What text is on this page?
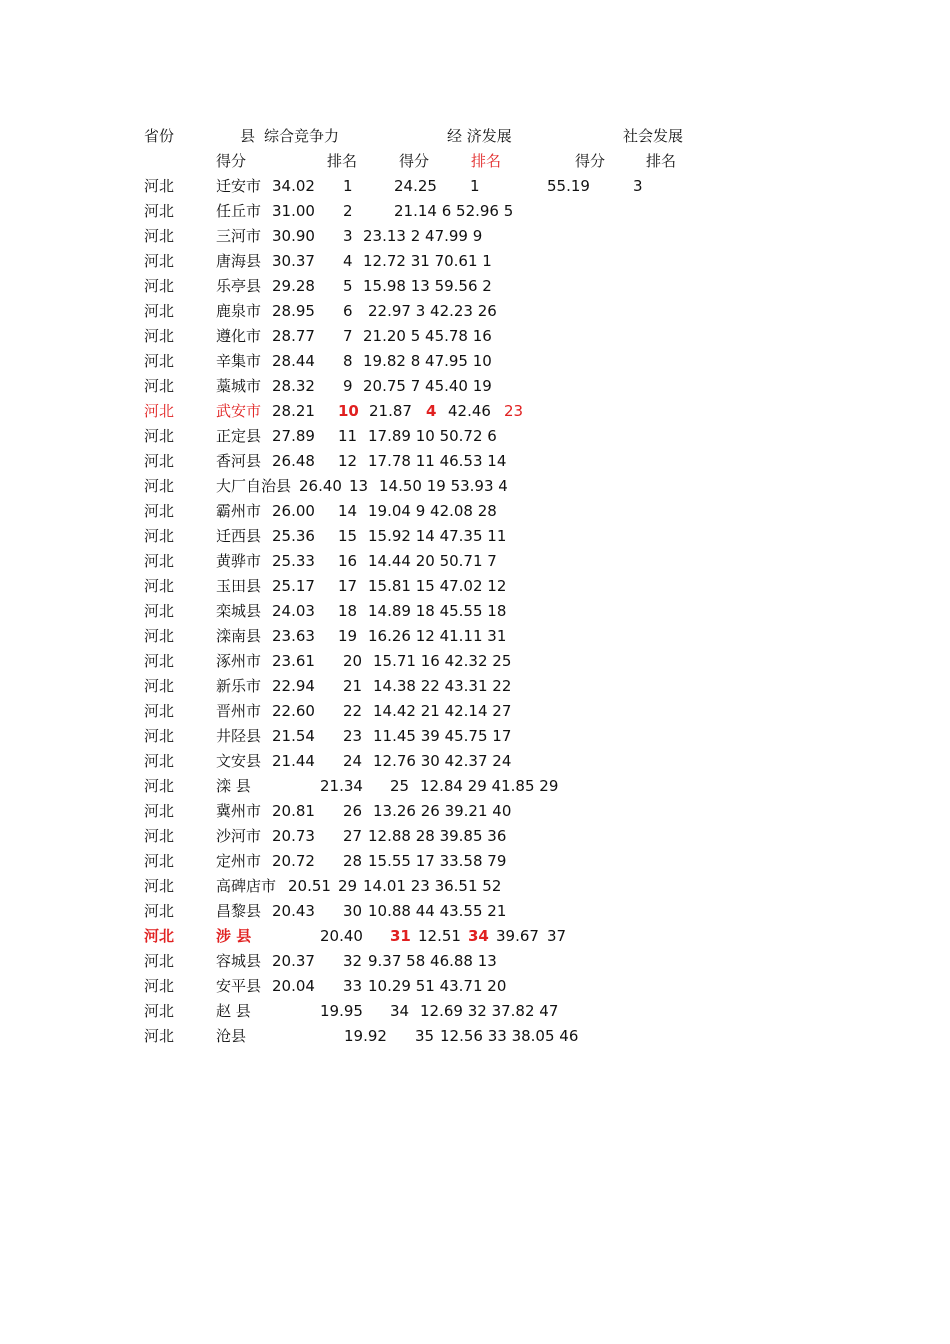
省份	县 综合竞争力	经 济发展	社会发展
得分	排名	得分	排名	得分	排名
河北	迁安市 34.02 1	24.25 1	55.19	3
河北	任丘市 31.00 2	21.14 6 52.96 5
河北	三河市 30.90 3 23.13 2 47.99 9
河北	唐海县 30.37 4 12.72 31 70.61 1
河北	乐亭县 29.28 5 15.98 13 59.56 2
河北	鹿泉市 28.95 6 22.97 3 42.23 26
河北	遵化市 28.77 7 21.20 5 45.78 16
河北	辛集市 28.44 8 19.82 8 47.95 10
河北	藁城市 28.32 9 20.75 7 45.40 19
河北	武安市 28.21 10 21.87 4 42.46 23
河北	正定县 27.89 11 17.89 10 50.72 6
河北	香河县 26.48 12 17.78 11 46.53 14
河北	大厂自治县 26.40 13 14.50 19 53.93 4
河北	霸州市 26.00 14 19.04 9 42.08 28
河北	迁西县 25.36 15 15.92 14 47.35 11
河北	黄骅市 25.33 16 14.44 20 50.71 7
河北	玉田县 25.17 17 15.81 15 47.02 12
河北	栾城县 24.03 18 14.89 18 45.55 18
河北	滦南县 23.63 19 16.26 12 41.11 31
河北	涿州市 23.61 20 15.71 16 42.32 25
河北	新乐市 22.94 21 14.38 22 43.31 22
河北	晋州市 22.60 22 14.42 21 42.14 27
河北	井陉县 21.54 23 11.45 39 45.75 17
河北	文安县 21.44 24 12.76 30 42.37 24
河北	滦 县	21.34 25 12.84 29 41.85 29
河北	冀州市 20.81 26 13.26 26 39.21 40
河北	沙河市 20.73 27 12.88 28 39.85 36
河北	定州市 20.72 28 15.55 17 33.58 79
河北	高碑店市 20.51 29 14.01 23 36.51 52
河北	昌黎县 20.43 30 10.88 44 43.55 21
河北	涉 县	20.40 31 12.51 34 39.67 37
河北	容城县 20.37 32 9.37 58 46.88 13
河北	安平县 20.04 33 10.29 51 43.71 20
河北	赵 县	19.95 34 12.69 32 37.82 47
河北	沧县	19.92 35 12.56 33 38.05 46
